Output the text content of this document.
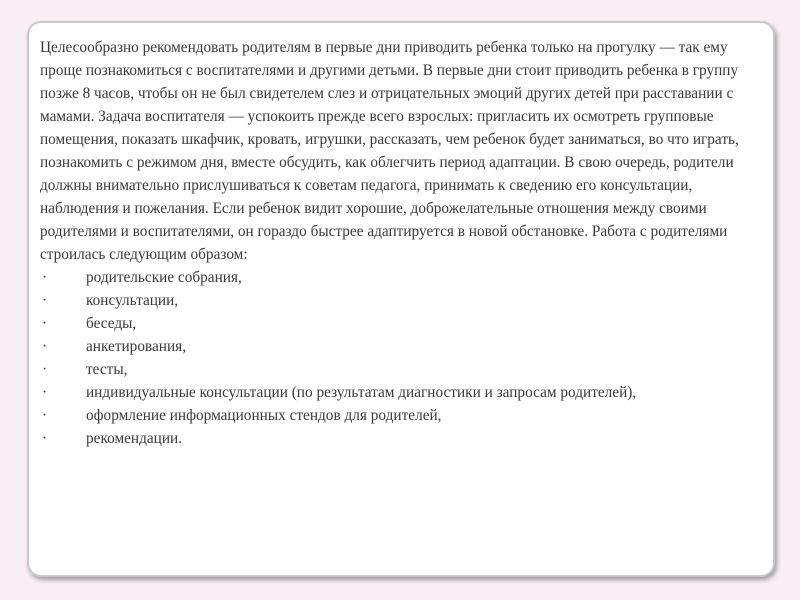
Целесообразно рекомендовать родителям в первые дни приводить ребенка только на прогулку — так ему проще познакомиться с воспитателями и другими детьми. В первые дни стоит приводить ребенка в группу позже 8 часов, чтобы он не был свидетелем слез и отрицательных эмоций других детей при расставании с мамами. Задача воспитателя — успокоить прежде всего взрослых: пригласить их осмотреть групповые помещения, показать шкафчик, кровать, игрушки, рассказать, чем ребенок будет заниматься, во что играть, познакомить с режимом дня, вместе обсудить, как облегчить период адаптации. В свою очередь, родители должны внимательно прислушиваться к советам педагога, принимать к сведению его консультации, наблюдения и пожелания. Если ребенок видит хорошие, доброжелательные отношения между своими родителями и воспитателями, он гораздо быстрее адаптируется в новой обстановке. Работа с родителями строилась следующим образом:

·	родительские собрания,
·	консультации,
·	беседы,
·	анкетирования,
·	тесты,
·	индивидуальные консультации (по результатам диагностики и запросам родителей),
·	оформление информационных стендов для родителей,
·	рекомендации.
